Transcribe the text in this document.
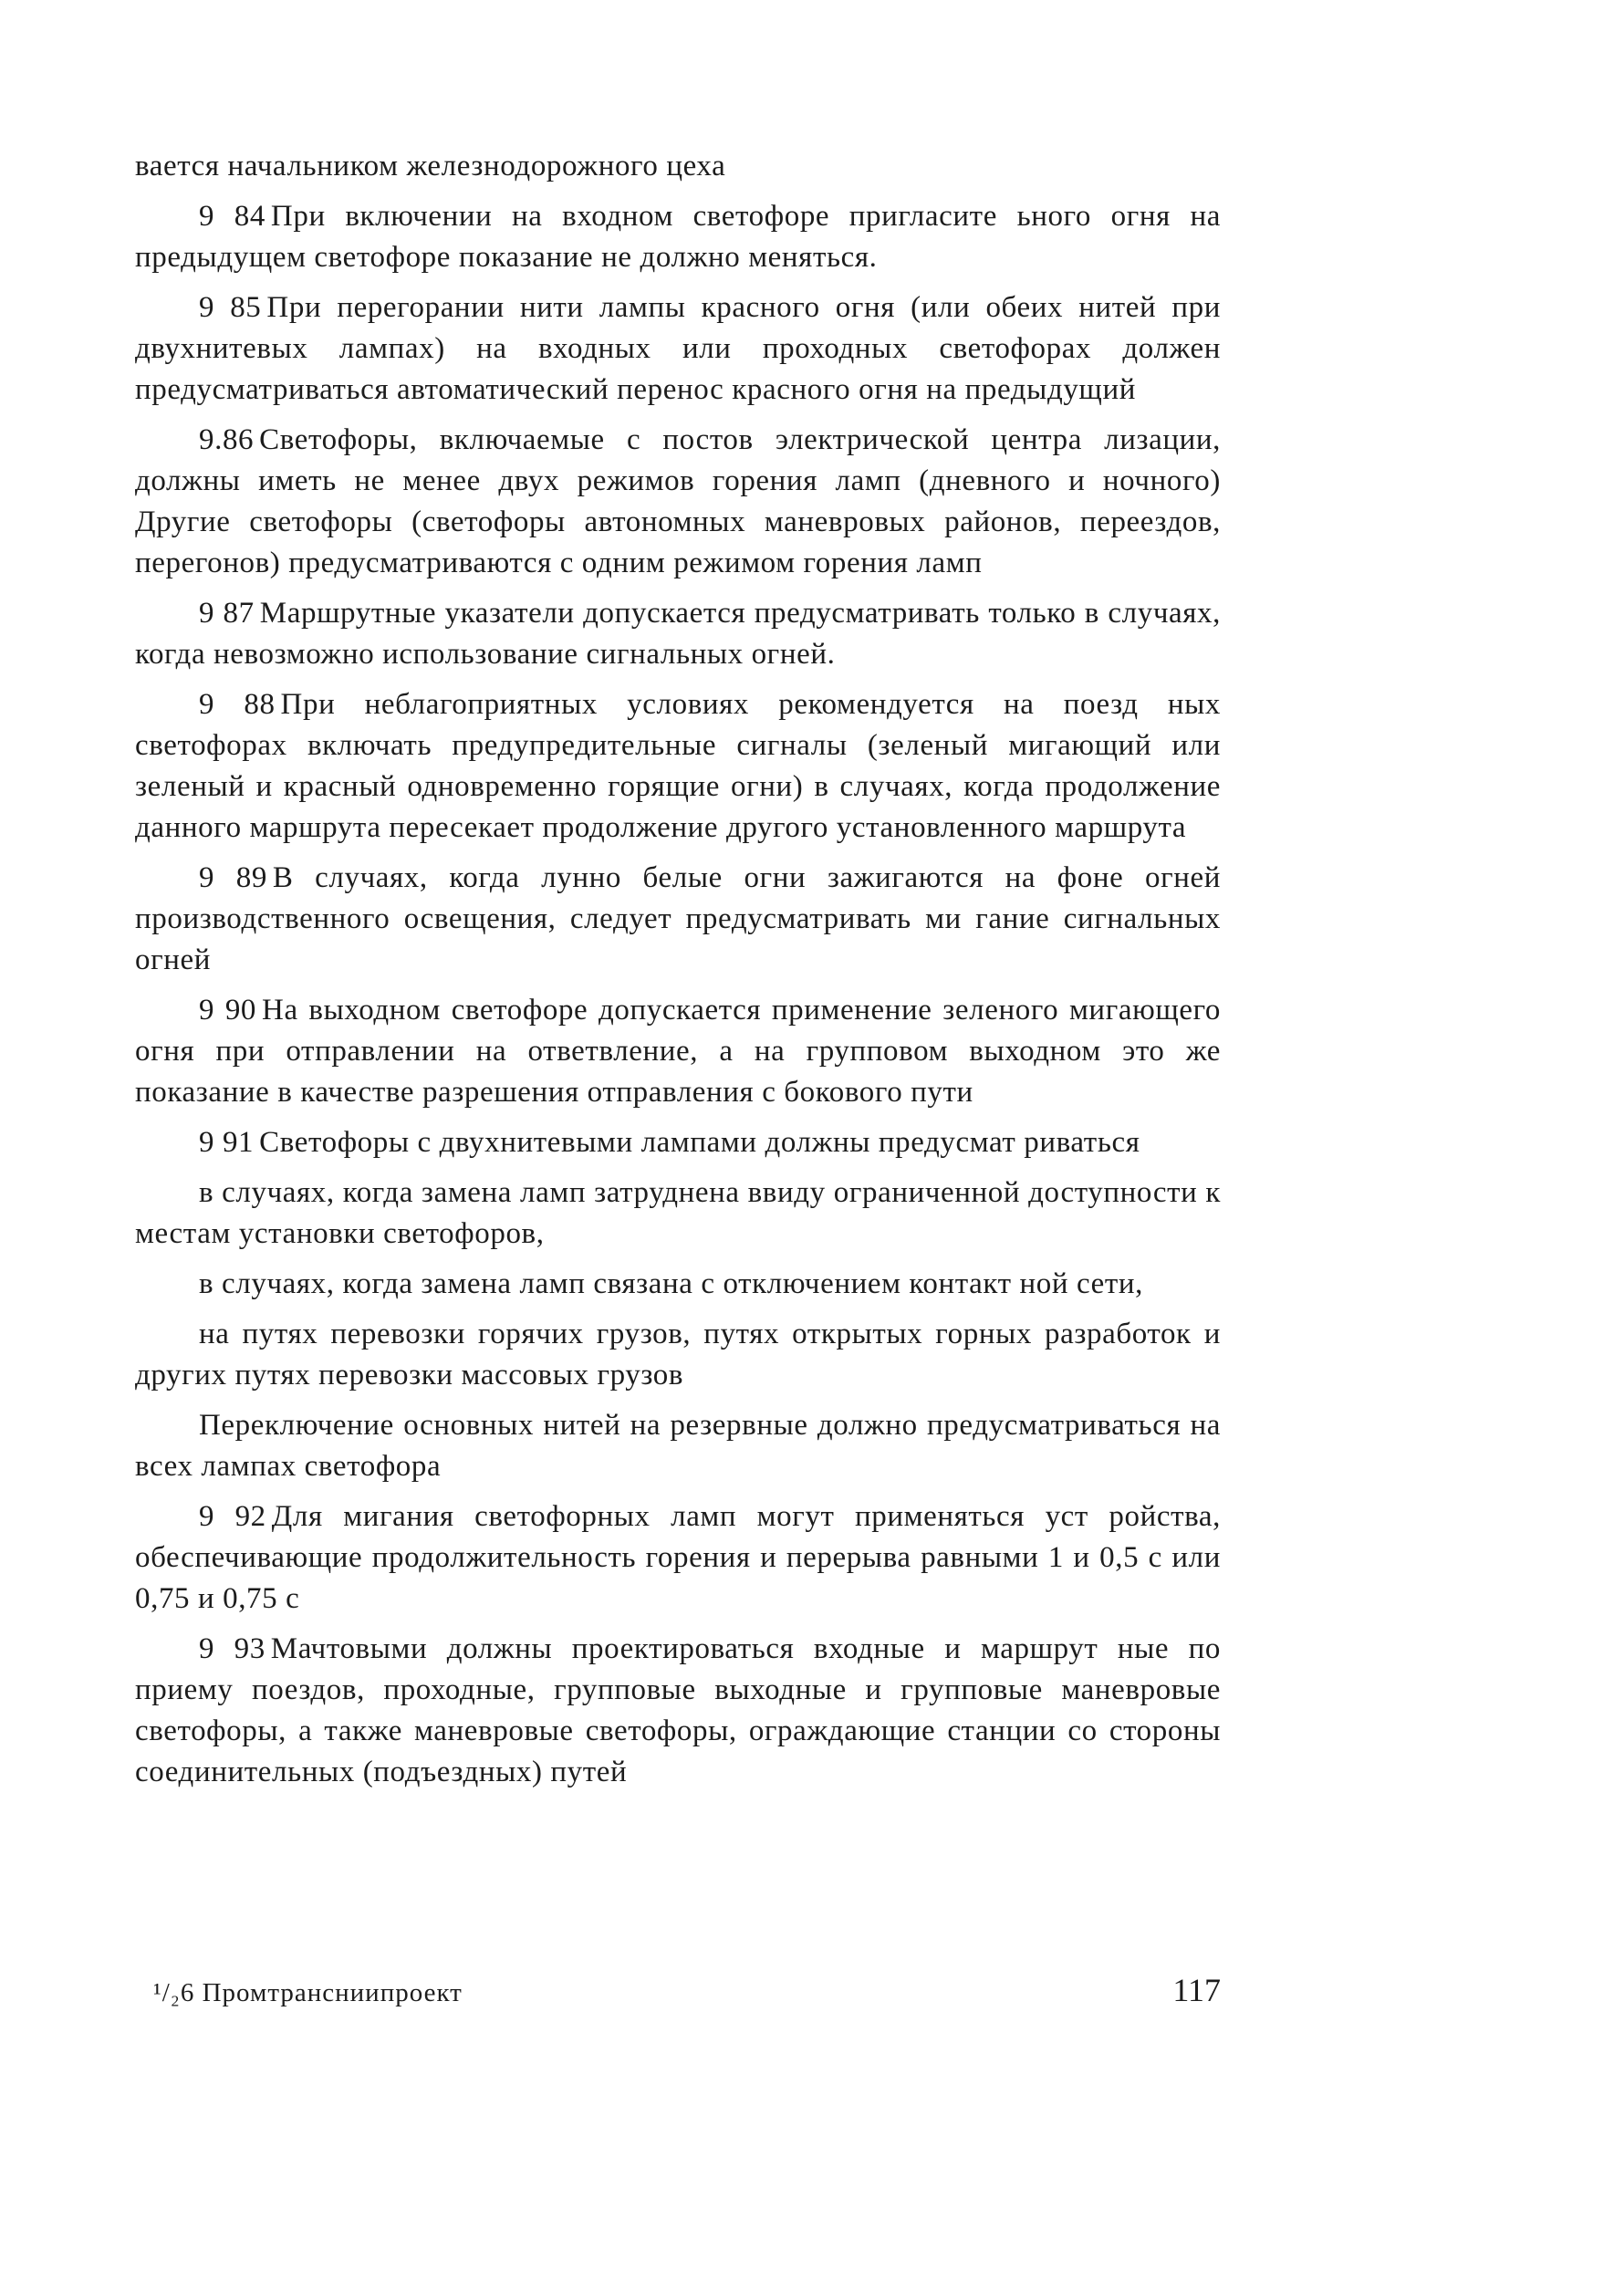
вается начальником железнодорожного цеха

9 84 При включении на входном светофоре пригласите ьного огня на предыдущем светофоре показание не должно меняться.

9 85 При перегорании нити лампы красного огня (или обеих нитей при двухнитевых лампах) на входных или проходных светофорах должен предусматриваться автоматический перенос красного огня на предыдущий

9.86 Светофоры, включаемые с постов электрической центра лизации, должны иметь не менее двух режимов горения ламп (дневного и ночного) Другие светофоры (светофоры автономных маневровых районов, переездов, перегонов) предусматриваются с одним режимом горения ламп

9 87 Маршрутные указатели допускается предусматривать только в случаях, когда невозможно использование сигнальных огней.

9 88 При неблагоприятных условиях рекомендуется на поезд ных светофорах включать предупредительные сигналы (зеленый мигающий или зеленый и красный одновременно горящие огни) в случаях, когда продолжение данного маршрута пересекает продолжение другого установленного маршрута

9 89 В случаях, когда лунно белые огни зажигаются на фоне огней производственного освещения, следует предусматривать ми гание сигнальных огней

9 90 На выходном светофоре допускается применение зеленого мигающего огня при отправлении на ответвление, а на групповом выходном это же показание в качестве разрешения отправления с бокового пути

9 91 Светофоры с двухнитевыми лампами должны предусмат риваться

в случаях, когда замена ламп затруднена ввиду ограниченной доступности к местам установки светофоров,

в случаях, когда замена ламп связана с отключением контакт ной сети,

на путях перевозки горячих грузов, путях открытых горных разработок и других путях перевозки массовых грузов

Переключение основных нитей на резервные должно предусматриваться на всех лампах светофора

9 92 Для мигания светофорных ламп могут применяться уст ройства, обеспечивающие продолжительность горения и перерыва равными 1 и 0,5 с или 0,75 и 0,75 с

9 93 Мачтовыми должны проектироваться входные и маршрут ные по приему поездов, проходные, групповые выходные и групповые маневровые светофоры, а также маневровые светофоры, ограждающие станции со стороны соединительных (подъездных) путей

¹/₂6 Промтрансниипроект	117
